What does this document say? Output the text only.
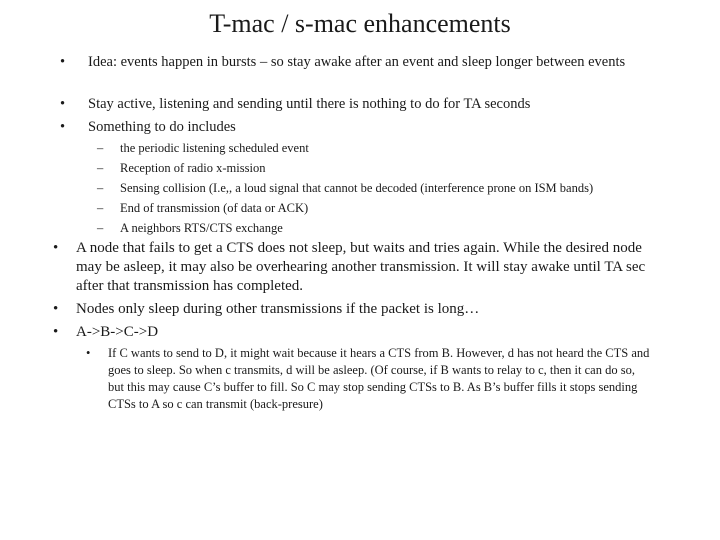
T-mac / s-mac enhancements
• Idea: events happen in bursts – so stay awake after an event and sleep longer between events
• Stay active, listening and sending until there is nothing to do for TA seconds
• Something to do includes
– the periodic listening scheduled event
– Reception of radio x-mission
– Sensing collision (I.e,, a loud signal that cannot be decoded (interference prone on ISM bands)
– End of transmission (of data or ACK)
– A neighbors RTS/CTS exchange
• A node that fails to get a CTS does not sleep, but waits and tries again. While the desired node may be asleep, it may also be overhearing another transmission. It will stay awake until TA sec after that transmission has completed.
• Nodes only sleep during other transmissions if the packet is long…
• A->B->C->D
• If C wants to send to D, it might wait because it hears a CTS from B. However, d has not heard the CTS and goes to sleep. So when c transmits, d will be asleep. (Of course, if B wants to relay to c, then it can do so, but this may cause C’s buffer to fill. So C may stop sending CTSs to B. As B’s buffer fills it stops sending CTSs to A so c can transmit (back-presure)
